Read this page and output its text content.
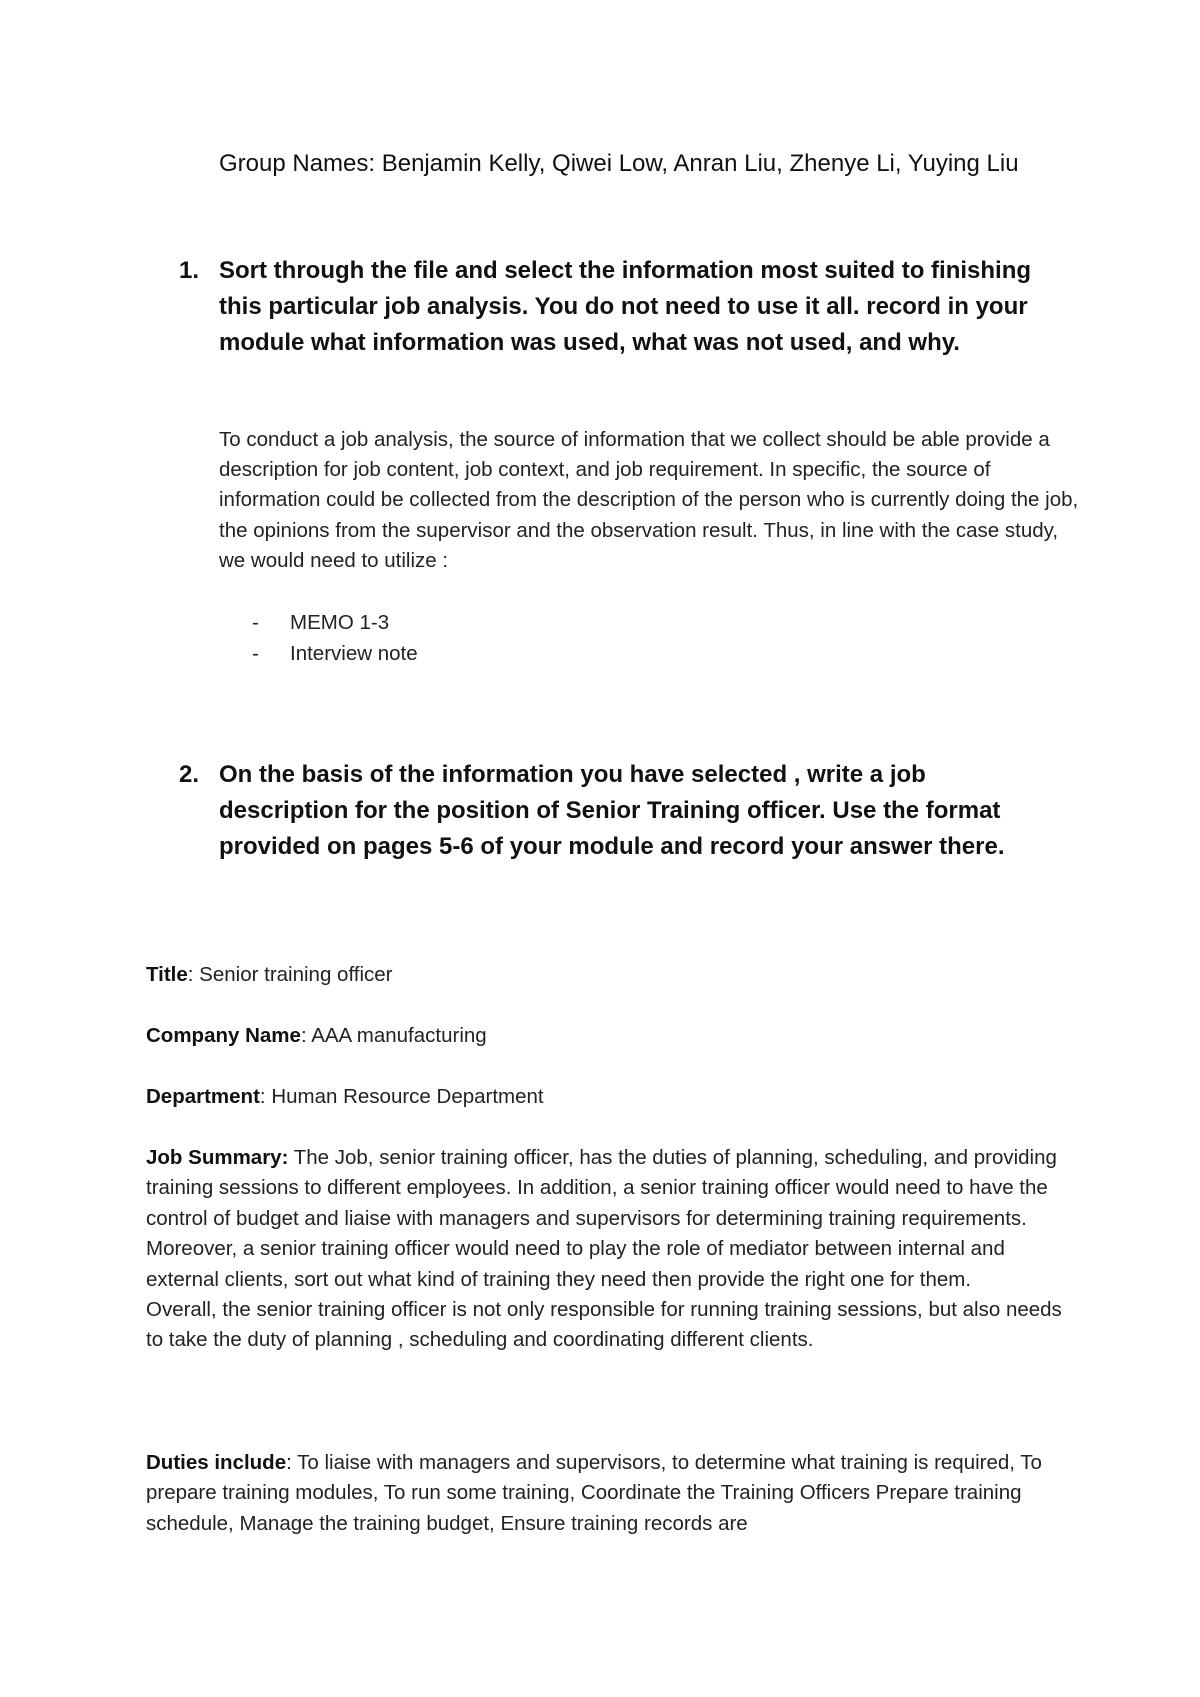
Group Names: Benjamin Kelly, Qiwei Low, Anran Liu, Zhenye Li, Yuying Liu
1. Sort through the file and select the information most suited to finishing this particular job analysis. You do not need to use it all. record in your module what information was used, what was not used, and why.
To conduct a job analysis, the source of information that we collect should be able provide a description for job content, job context, and job requirement. In specific, the source of information could be collected from the description of the person who is currently doing the job, the opinions from the supervisor and the observation result. Thus, in line with the case study, we would need to utilize :
- MEMO 1-3
- Interview note
2. On the basis of the information you have selected , write a job description for the position of Senior Training officer. Use the format provided on pages 5-6 of your module and record your answer there.
Title: Senior training officer
Company Name: AAA manufacturing
Department: Human Resource Department
Job Summary: The Job, senior training officer, has the duties of planning, scheduling, and providing training sessions to different employees. In addition, a senior training officer would need to have the control of budget and liaise with managers and supervisors for determining training requirements.
Moreover, a senior training officer would need to play the role of mediator between internal and external clients, sort out what kind of training they need then provide the right one for them.
Overall, the senior training officer is not only responsible for running training sessions, but also needs to take the duty of planning , scheduling and coordinating different clients.
Duties include: To liaise with managers and supervisors, to determine what training is required, To prepare training modules, To run some training, Coordinate the Training Officers Prepare training schedule, Manage the training budget, Ensure training records are
